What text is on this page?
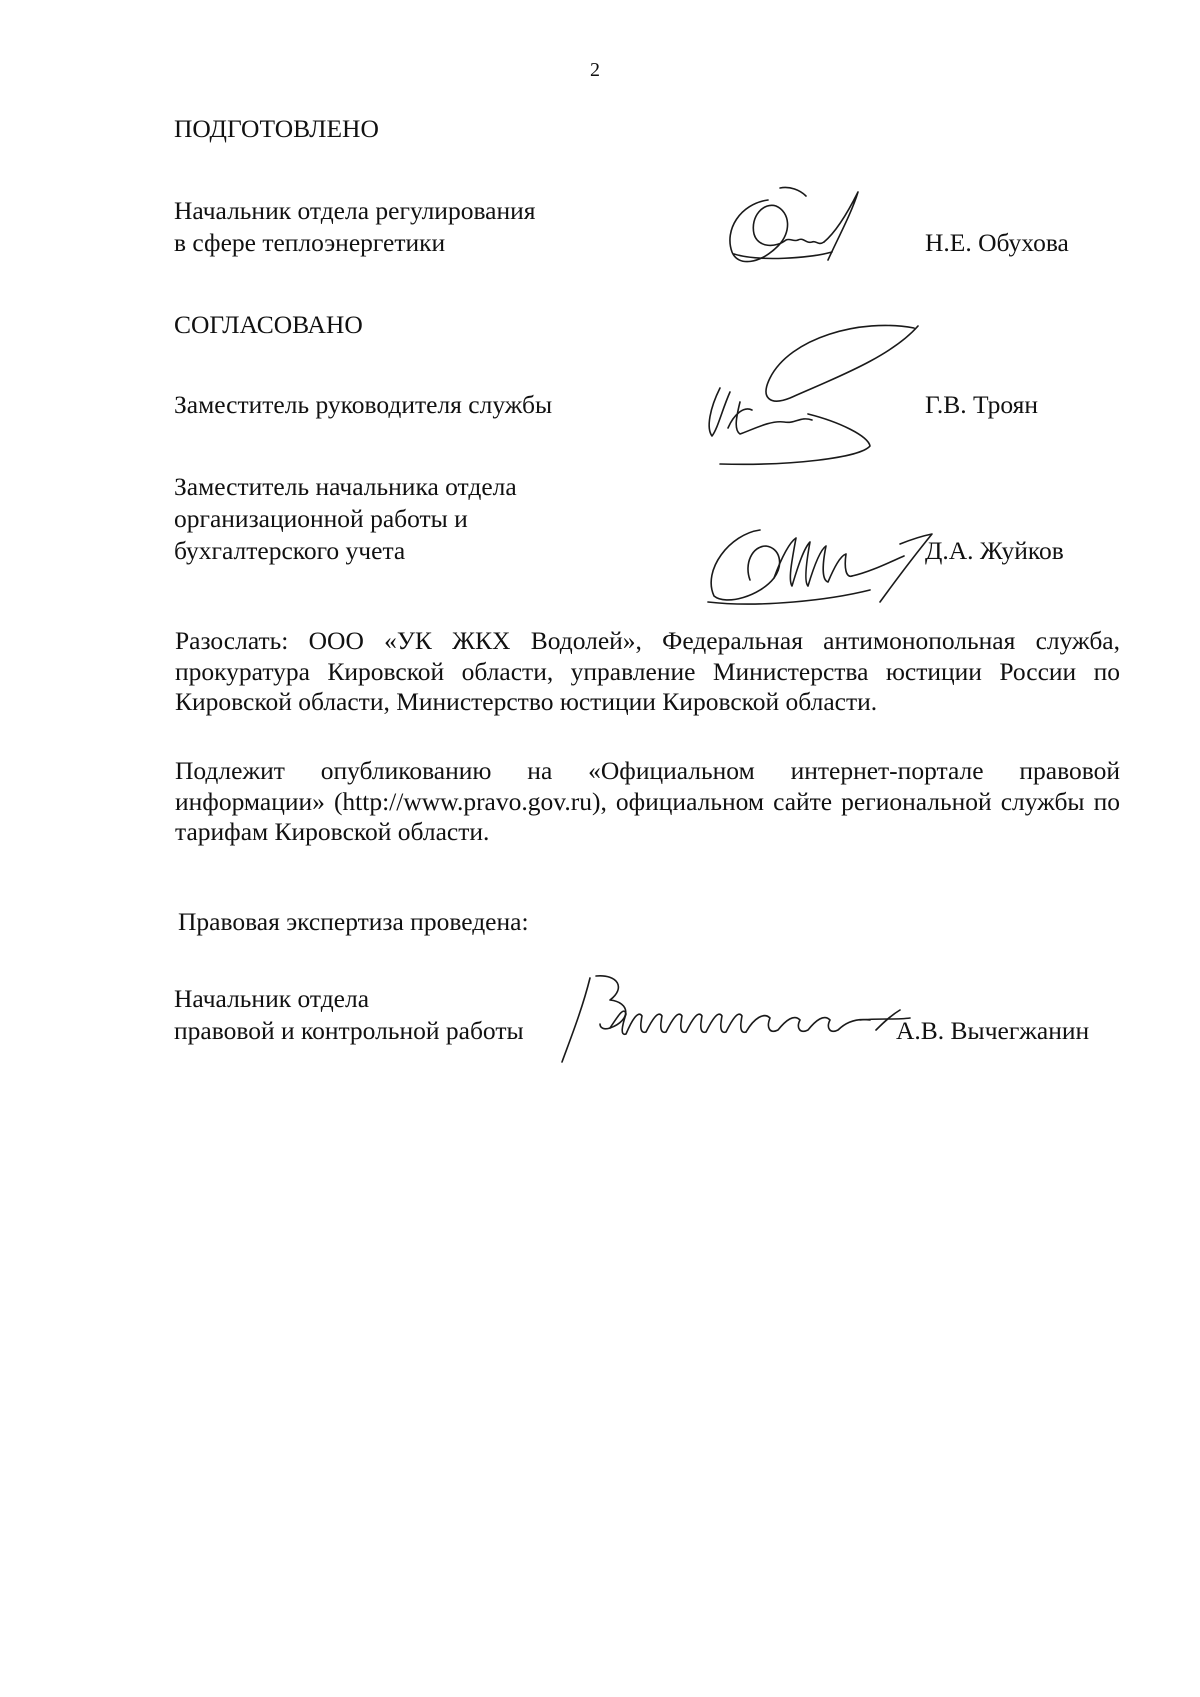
2
ПОДГОТОВЛЕНО
Начальник отдела регулирования
в сфере теплоэнергетики	Н.Е. Обухова
СОГЛАСОВАНО
Заместитель руководителя службы	Г.В. Троян
Заместитель начальника отдела
организационной работы и
бухгалтерского учета	Д.А. Жуйков
Разослать: ООО «УК ЖКХ Водолей», Федеральная антимонопольная служба, прокуратура Кировской области, управление Министерства юстиции России по Кировской области, Министерство юстиции Кировской области.
Подлежит опубликованию на «Официальном интернет-портале правовой информации» (http://www.pravo.gov.ru), официальном сайте региональной службы по тарифам Кировской области.
Правовая экспертиза проведена:
Начальник отдела
правовой и контрольной работы	А.В. Вычегжанин
